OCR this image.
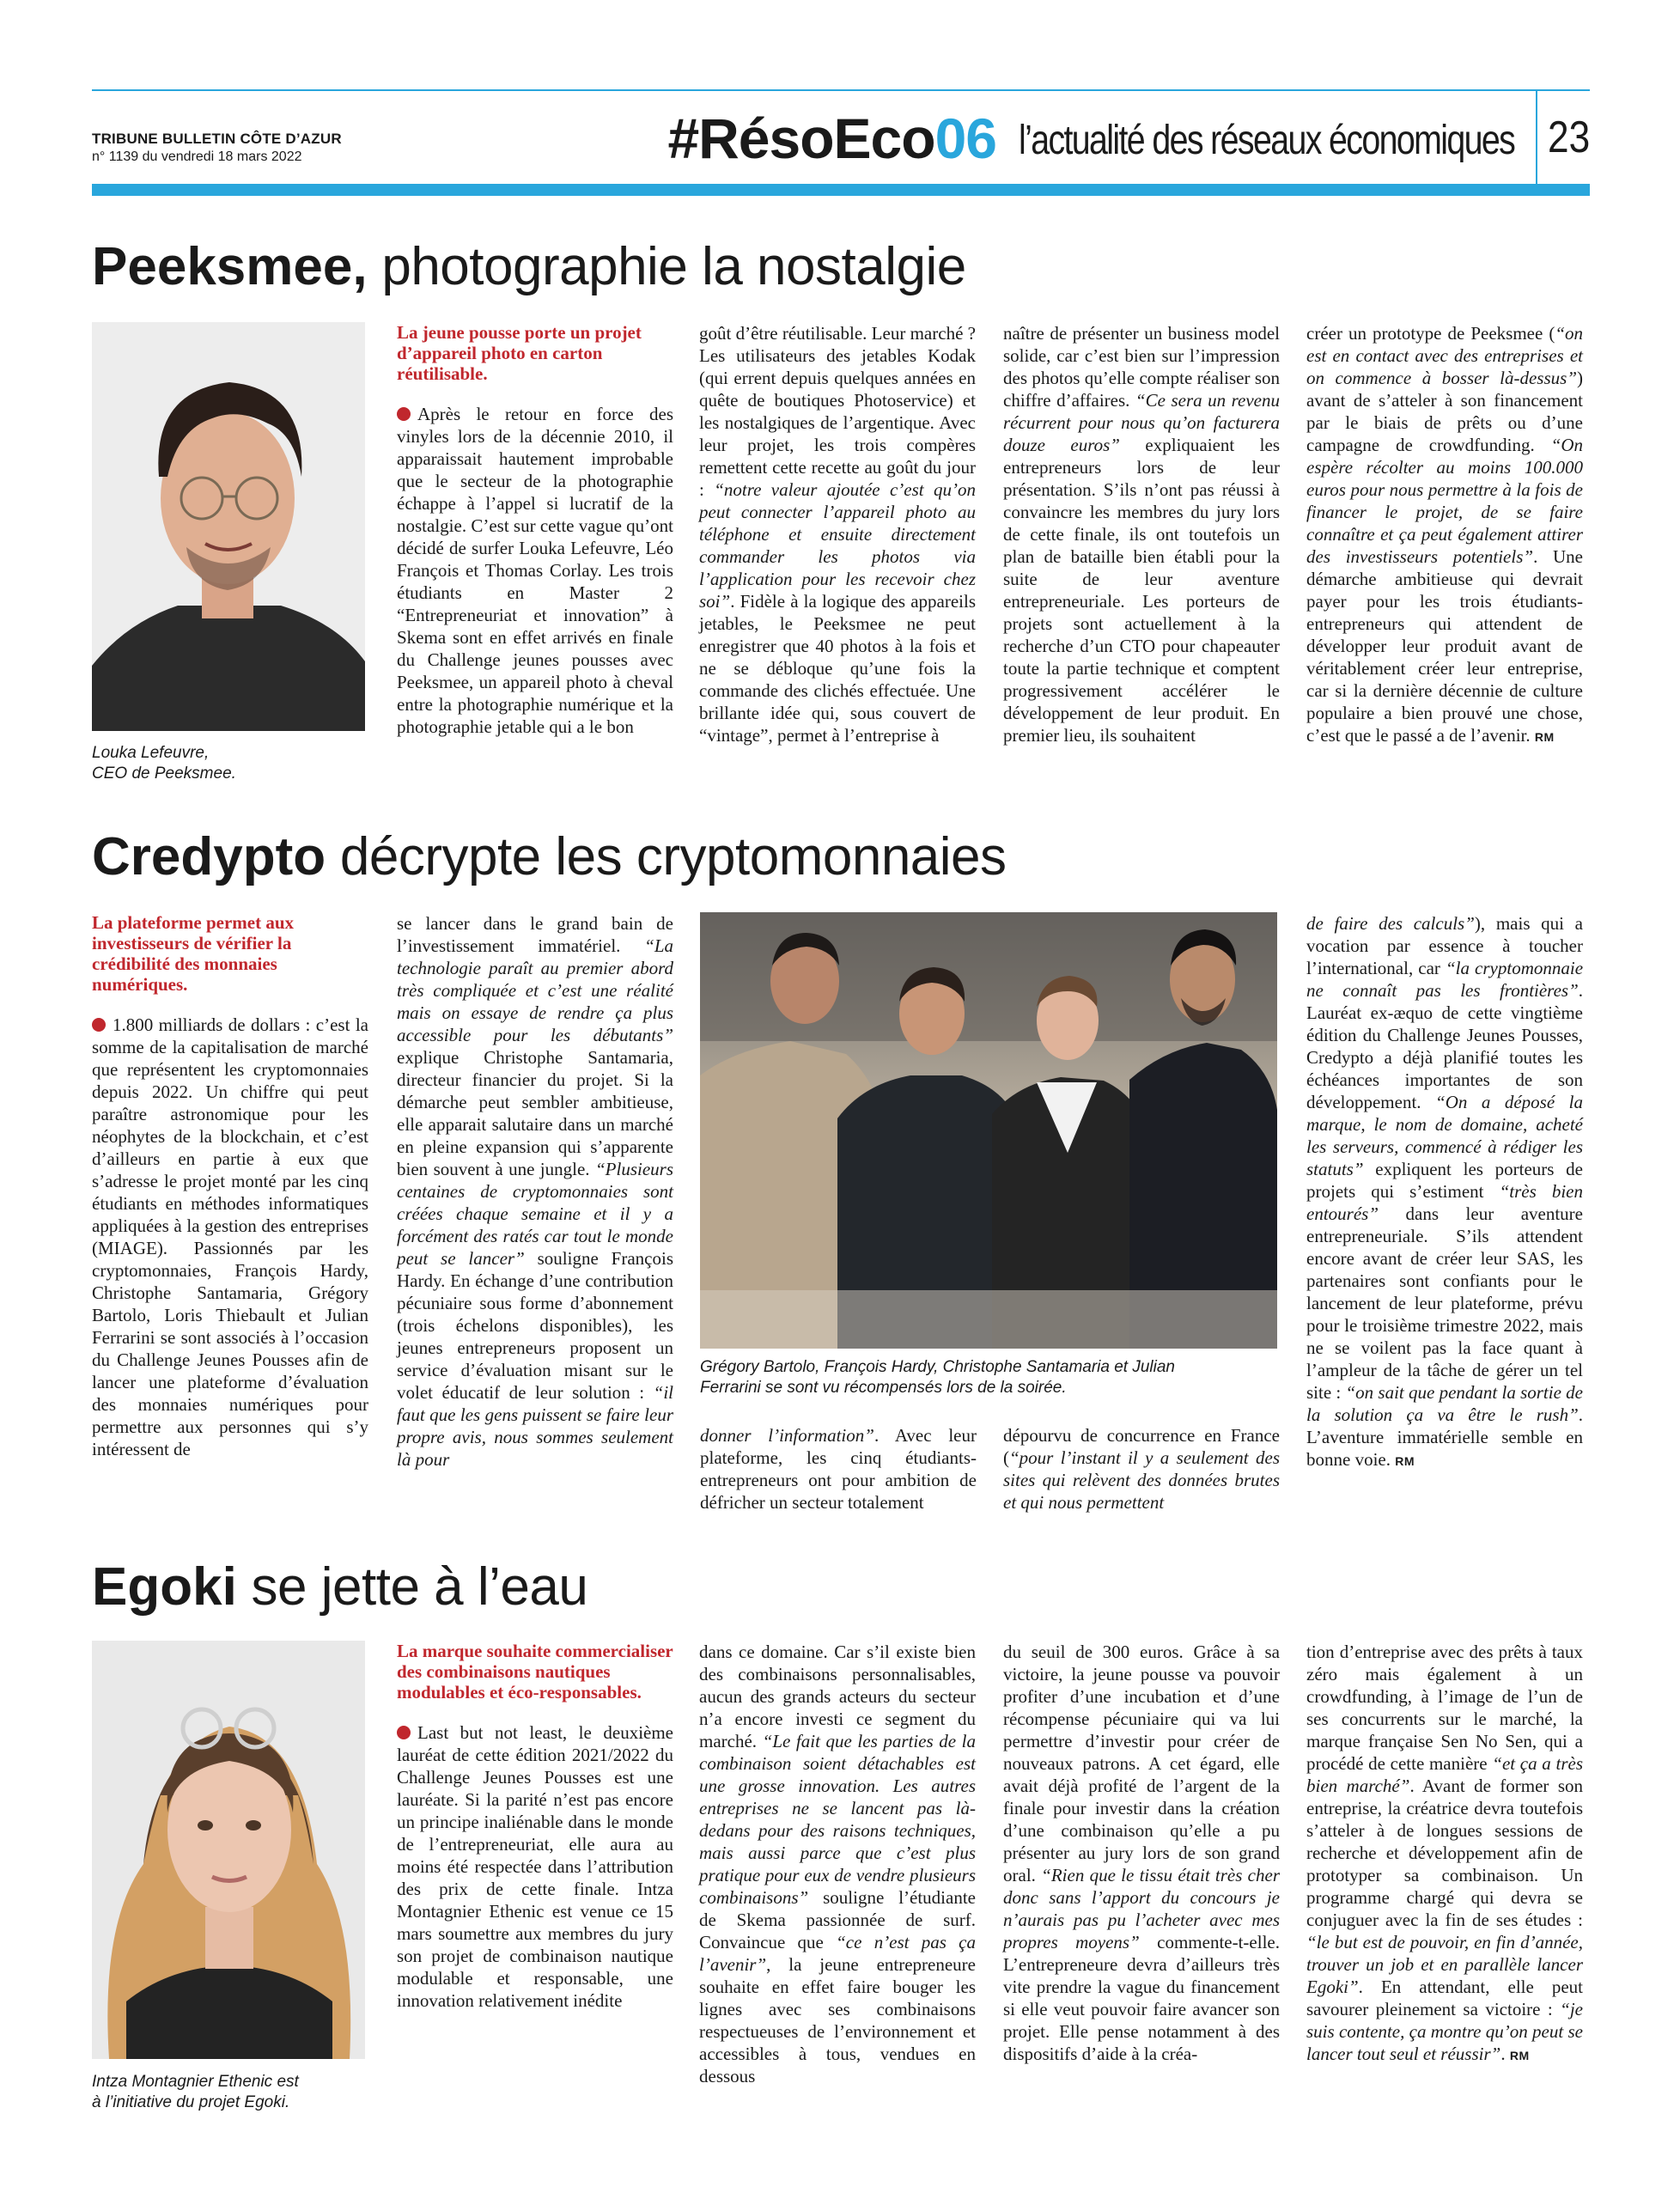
TRIBUNE BULLETIN CÔTE D’AZUR
n° 1139 du vendredi 18 mars 2022	#RésoEco06 l’actualité des réseaux économiques 23
Peeksmee, photographie la nostalgie
Louka Lefeuvre,
CEO de Peeksmee.
La jeune pousse porte un projet d’appareil photo en carton réutilisable.
Après le retour en force des vinyles lors de la décennie 2010, il apparaissait hautement improbable que le secteur de la photographie échappe à l’appel si lucratif de la nostalgie. C’est sur cette vague qu’ont décidé de surfer Louka Lefeuvre, Léo François et Thomas Corlay. Les trois étudiants en Master 2 “Entrepreneuriat et innovation” à Skema sont en effet arrivés en finale du Challenge jeunes pousses avec Peeksmee, un appareil photo à cheval entre la photographie numérique et la photographie jetable qui a le bon
goût d’être réutilisable. Leur marché ? Les utilisateurs des jetables Kodak (qui errent depuis quelques années en quête de boutiques Photoservice) et les nostalgiques de l’argentique. Avec leur projet, les trois compères remettent cette recette au goût du jour : “notre valeur ajoutée c’est qu’on peut connecter l’appareil photo au téléphone et ensuite directement commander les photos via l’application pour les recevoir chez soi”. Fidèle à la logique des appareils jetables, le Peeksmee ne peut enregistrer que 40 photos à la fois et ne se débloque qu’une fois la commande des clichés effectuée. Une brillante idée qui, sous couvert de “vintage”, permet à l’entreprise à
naître de présenter un business model solide, car c’est bien sur l’impression des photos qu’elle compte réaliser son chiffre d’affaires. “Ce sera un revenu récurrent pour nous qu’on facturera douze euros” expliquaient les entrepreneurs lors de leur présentation. S’ils n’ont pas réussi à convaincre les membres du jury lors de cette finale, ils ont toutefois un plan de bataille bien établi pour la suite de leur aventure entrepreneuriale. Les porteurs de projets sont actuellement à la recherche d’un CTO pour chapeauter toute la partie technique et comptent progressivement accélérer le développement de leur produit. En premier lieu, ils souhaitent
créer un prototype de Peeksmee (“on est en contact avec des entreprises et on commence à bosser là-dessus”) avant de s’atteler à son financement par le biais de prêts ou d’une campagne de crowdfunding. “On espère récolter au moins 100.000 euros pour nous permettre à la fois de financer le projet, de se faire connaître et ça peut également attirer des investisseurs potentiels”. Une démarche ambitieuse qui devrait payer pour les trois étudiants-entrepreneurs qui attendent de développer leur produit avant de véritablement créer leur entreprise, car si la dernière décennie de culture populaire a bien prouvé une chose, c’est que le passé a de l’avenir. RM
Credypto décrypte les cryptomonnaies
La plateforme permet aux investisseurs de vérifier la crédibilité des monnaies numériques.
1.800 milliards de dollars : c’est la somme de la capitalisation de marché que représentent les cryptomonnaies depuis 2022. Un chiffre qui peut paraître astronomique pour les néophytes de la blockchain, et c’est d’ailleurs en partie à eux que s’adresse le projet monté par les cinq étudiants en méthodes informatiques appliquées à la gestion des entreprises (MIAGE). Passionnés par les cryptomonnaies, François Hardy, Christophe Santamaria, Grégory Bartolo, Loris Thiebault et Julian Ferrarini se sont associés à l’occasion du Challenge Jeunes Pousses afin de lancer une plateforme d’évaluation des monnaies numériques pour permettre aux personnes qui s’y intéressent de
se lancer dans le grand bain de l’investissement immatériel. “La technologie paraît au premier abord très compliquée et c’est une réalité mais on essaye de rendre ça plus accessible pour les débutants” explique Christophe Santamaria, directeur financier du projet. Si la démarche peut sembler ambitieuse, elle apparait salutaire dans un marché en pleine expansion qui s’apparente bien souvent à une jungle. “Plusieurs centaines de cryptomonnaies sont créées chaque semaine et il y a forcément des ratés car tout le monde peut se lancer” souligne François Hardy. En échange d’une contribution pécuniaire sous forme d’abonnement (trois échelons disponibles), les jeunes entrepreneurs proposent un service d’évaluation misant sur le volet éducatif de leur solution : “il faut que les gens puissent se faire leur propre avis, nous sommes seulement là pour
Grégory Bartolo, François Hardy, Christophe Santamaria et Julian
Ferrarini se sont vu récompensés lors de la soirée.
donner l’information”. Avec leur plateforme, les cinq étudiants-entrepreneurs ont pour ambition de défricher un secteur totalement
dépourvu de concurrence en France (“pour l’instant il y a seulement des sites qui relèvent des données brutes et qui nous permettent
de faire des calculs”), mais qui a vocation par essence à toucher l’international, car “la cryptomonnaie ne connaît pas les frontières”. Lauréat ex-æquo de cette vingtième édition du Challenge Jeunes Pousses, Credypto a déjà planifié toutes les échéances importantes de son développement. “On a déposé la marque, le nom de domaine, acheté les serveurs, commencé à rédiger les statuts” expliquent les porteurs de projets qui s’estiment “très bien entourés” dans leur aventure entrepreneuriale. S’ils attendent encore avant de créer leur SAS, les partenaires sont confiants pour le lancement de leur plateforme, prévu pour le troisième trimestre 2022, mais ne se voilent pas la face quant à l’ampleur de la tâche de gérer un tel site : “on sait que pendant la sortie de la solution ça va être le rush”. L’aventure immatérielle semble en bonne voie. RM
Egoki se jette à l’eau
Intza Montagnier Ethenic est
à l’initiative du projet Egoki.
La marque souhaite commercialiser des combinaisons nautiques modulables et éco-responsables.
Last but not least, le deuxième lauréat de cette édition 2021/2022 du Challenge Jeunes Pousses est une lauréate. Si la parité n’est pas encore un principe inaliénable dans le monde de l’entrepreneuriat, elle aura au moins été respectée dans l’attribution des prix de cette finale. Intza Montagnier Ethenic est venue ce 15 mars soumettre aux membres du jury son projet de combinaison nautique modulable et responsable, une innovation relativement inédite
dans ce domaine. Car s’il existe bien des combinaisons personnalisables, aucun des grands acteurs du secteur n’a encore investi ce segment du marché. “Le fait que les parties de la combinaison soient détachables est une grosse innovation. Les autres entreprises ne se lancent pas là-dedans pour des raisons techniques, mais aussi parce que c’est plus pratique pour eux de vendre plusieurs combinaisons” souligne l’étudiante de Skema passionnée de surf. Convaincue que “ce n’est pas ça l’avenir”, la jeune entrepreneure souhaite en effet faire bouger les lignes avec ses combinaisons respectueuses de l’environnement et accessibles à tous, vendues en dessous
du seuil de 300 euros. Grâce à sa victoire, la jeune pousse va pouvoir profiter d’une incubation et d’une récompense pécuniaire qui va lui permettre d’investir pour créer de nouveaux patrons. A cet égard, elle avait déjà profité de l’argent de la finale pour investir dans la création d’une combinaison qu’elle a pu présenter au jury lors de son grand oral. “Rien que le tissu était très cher donc sans l’apport du concours je n’aurais pas pu l’acheter avec mes propres moyens” commente-t-elle. L’entrepreneure devra d’ailleurs très vite prendre la vague du financement si elle veut pouvoir faire avancer son projet. Elle pense notamment à des dispositifs d’aide à la créa-
tion d’entreprise avec des prêts à taux zéro mais également à un crowdfunding, à l’image de l’un de ses concurrents sur le marché, la marque française Sen No Sen, qui a procédé de cette manière “et ça a très bien marché”. Avant de former son entreprise, la créatrice devra toutefois s’atteler à de longues sessions de recherche et développement afin de prototyper sa combinaison. Un programme chargé qui devra se conjuguer avec la fin de ses études : “le but est de pouvoir, en fin d’année, trouver un job et en parallèle lancer Egoki”. En attendant, elle peut savourer pleinement sa victoire : “je suis contente, ça montre qu’on peut se lancer tout seul et réussir”. RM
